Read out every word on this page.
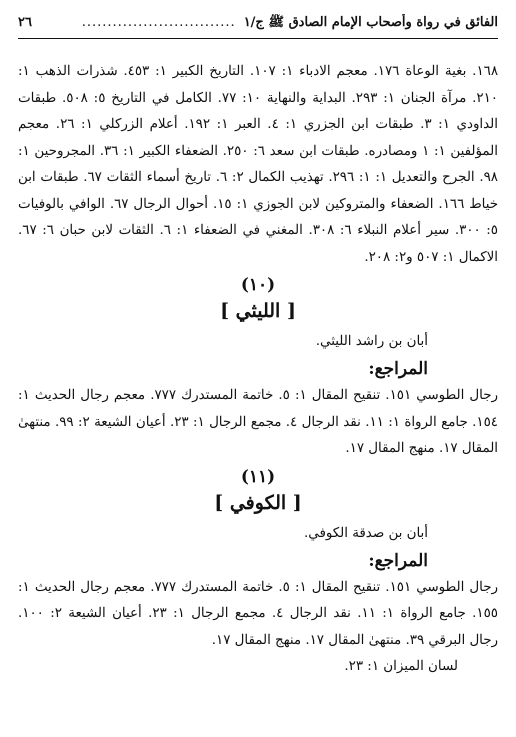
الفائق في رواة وأصحاب الإمام الصادق ﷺ ج/١
..............................
٢٦

١٦٨. بغية الوعاة ١٧٦. معجم الادباء ١: ١٠٧. التاريخ الكبير ١: ٤٥٣. شذرات الذهب ١: ٢١٠. مرآة الجنان ١: ٢٩٣. البداية والنهاية ١٠: ٧٧. الكامل في التاريخ ٥: ٥٠٨. طبقات الداودي ١: ٣. طبقات ابن الجزري ١: ٤. العبر ١: ١٩٢. أعلام الزركلي ١: ٢٦. معجم المؤلفين ١: ١ ومصادره. طبقات ابن سعد ٦: ٢٥٠. الضعفاء الكبير ١: ٣٦. المجروحين ١: ٩٨. الجرح والتعديل ١: ١: ٢٩٦. تهذيب الكمال ٢: ٦. تاريخ أسماء الثقات ٦٧. طبقات ابن خياط ١٦٦. الضعفاء والمتروكين لابن الجوزي ١: ١٥. أحوال الرجال ٦٧. الوافي بالوفيات ٥: ٣٠٠. سير أعلام النبلاء ٦: ٣٠٨. المغني في الضعفاء ١: ٦. الثقات لابن حبان ٦: ٦٧. الاكمال ١: ٥٠٧ و٢: ٢٠٨.

(١٠)
[ الليثي ]

أبان بن راشد الليثي.

المراجع:

رجال الطوسي ١٥١. تنقيح المقال ١: ٥. خاتمة المستدرك ٧٧٧. معجم رجال الحديث ١: ١٥٤. جامع الرواة ١: ١١. نقد الرجال ٤. مجمع الرجال ١: ٢٣. أعيان الشيعة ٢: ٩٩. منتهىٰ المقال ١٧. منهج المقال ١٧.

(١١)
[ الكوفي ]

أبان بن صدقة الكوفي.

المراجع:

رجال الطوسي ١٥١. تنقيح المقال ١: ٥. خاتمة المستدرك ٧٧٧. معجم رجال الحديث ١: ١٥٥. جامع الرواة ١: ١١. نقد الرجال ٤. مجمع الرجال ١: ٢٣. أعيان الشيعة ٢: ١٠٠. رجال البرقي ٣٩. منتهىٰ المقال ١٧. منهج المقال ١٧.

لسان الميزان ١: ٢٣.
